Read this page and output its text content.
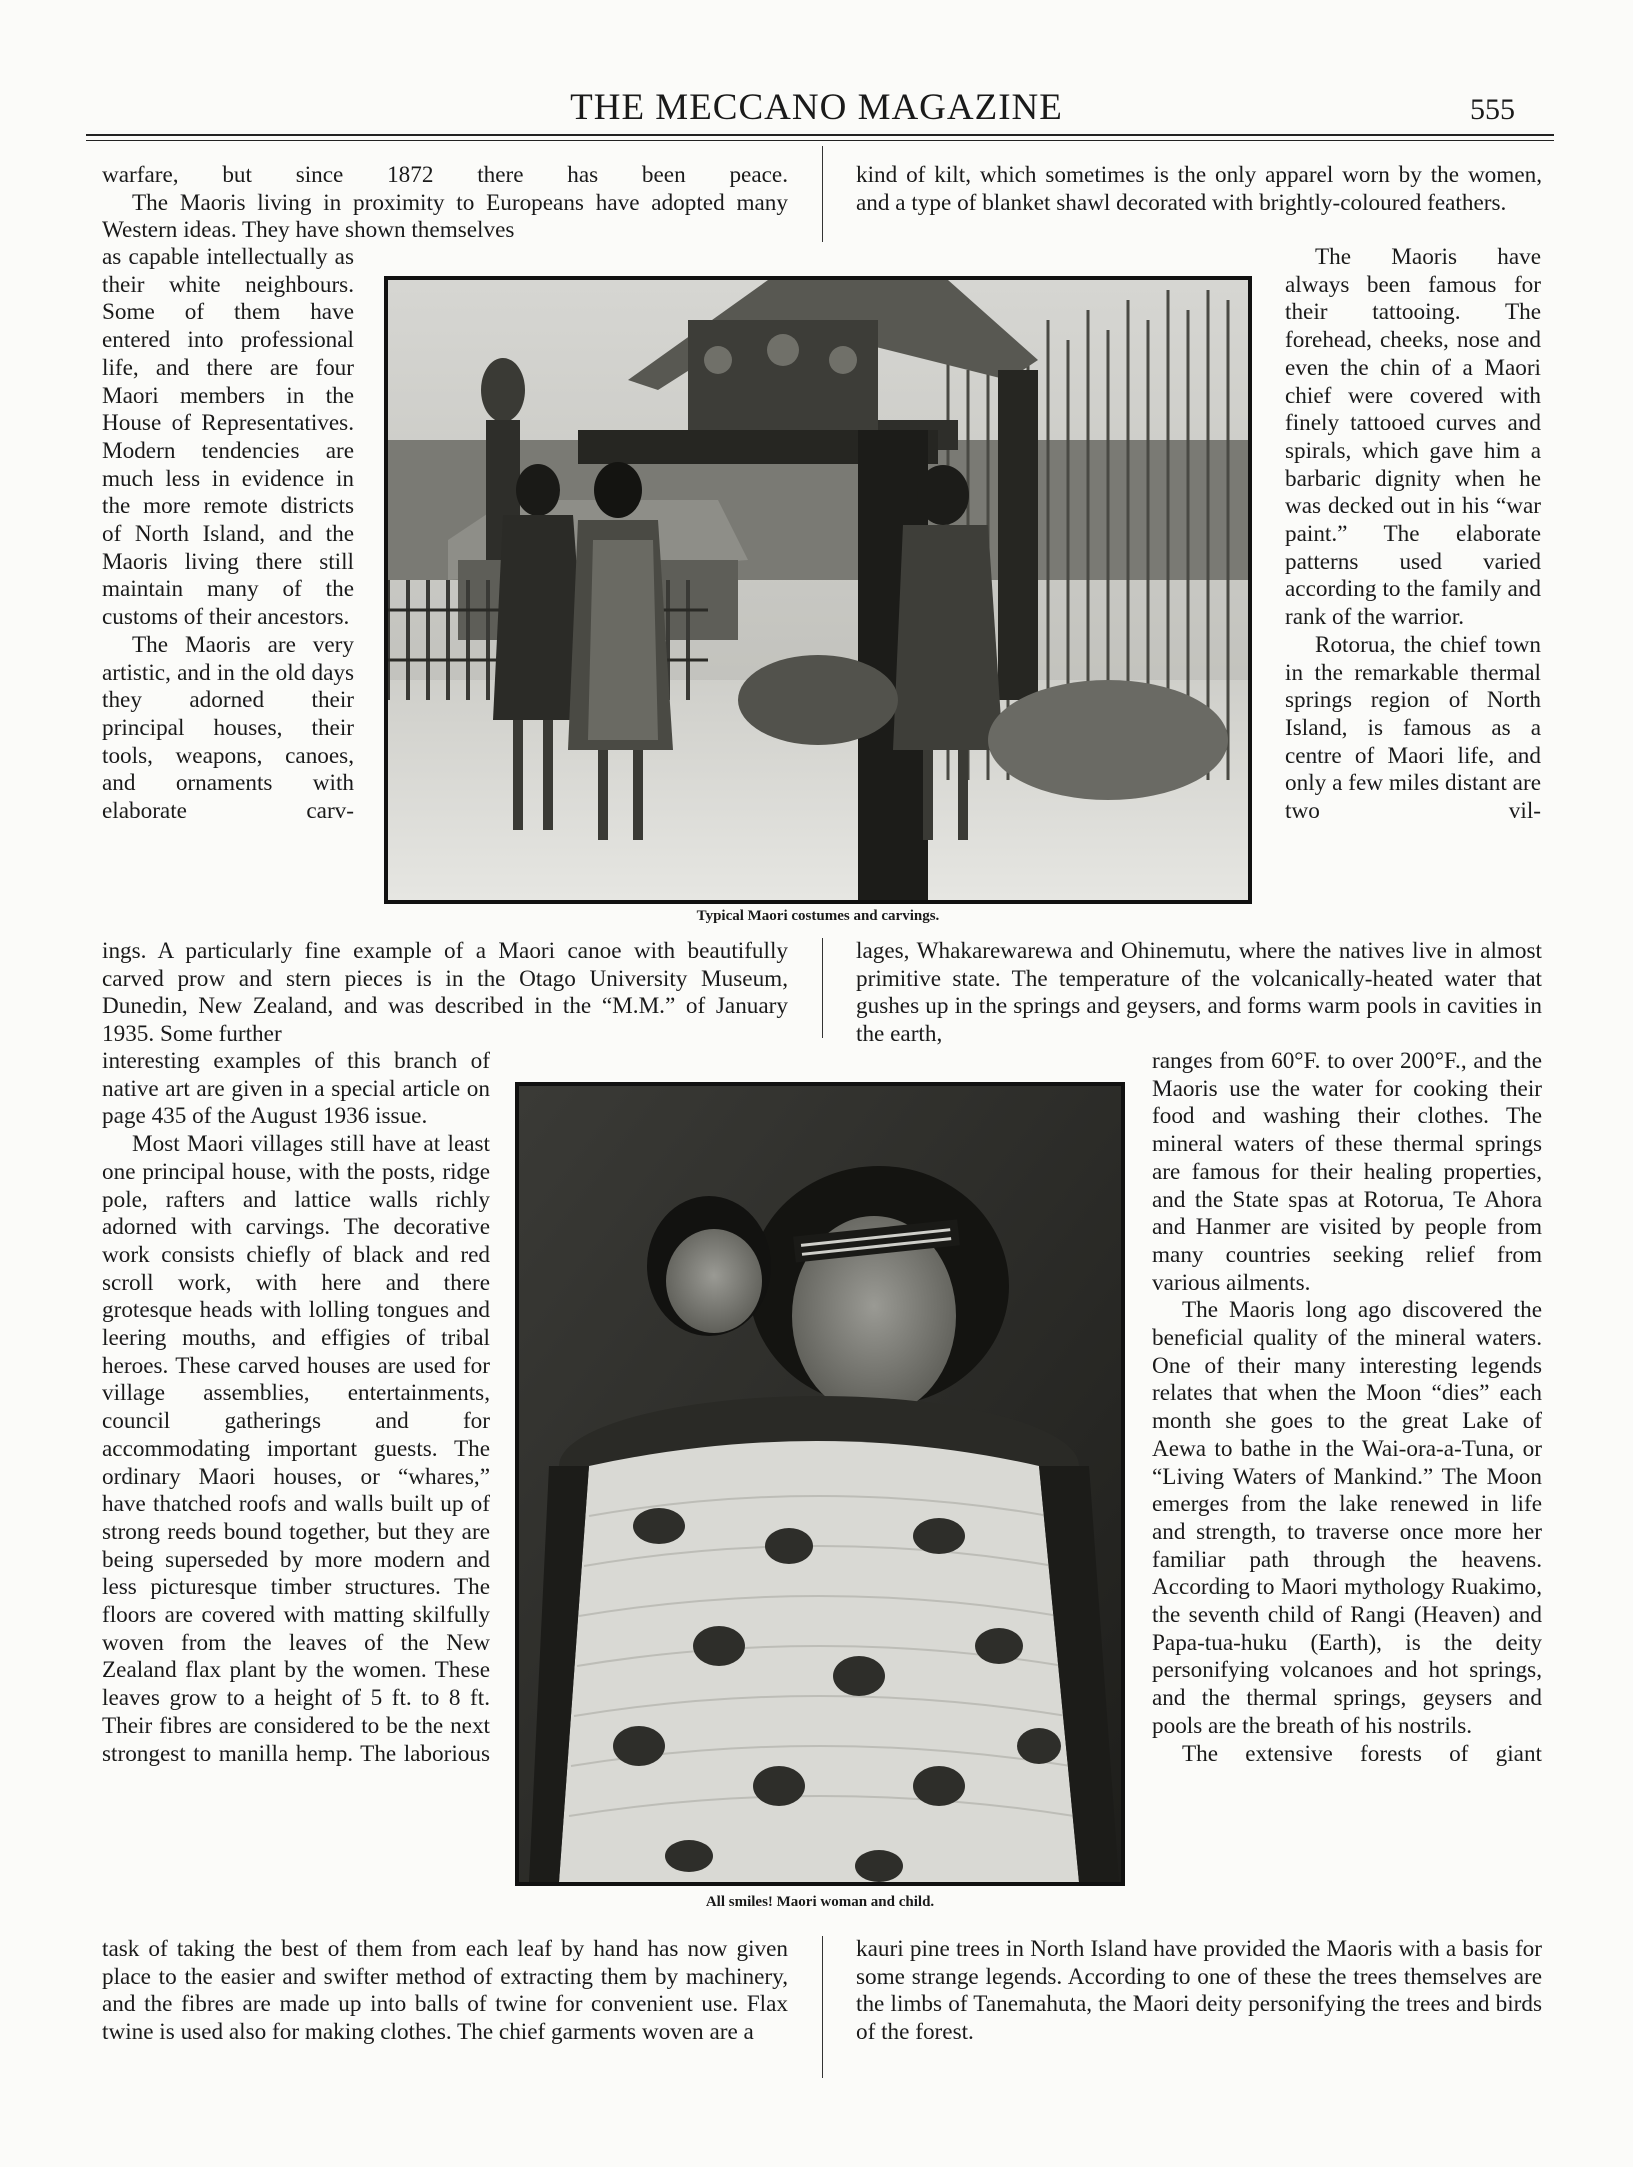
THE MECCANO MAGAZINE	555

warfare, but since 1872 there has been peace.

The Maoris living in proximity to Europeans have adopted many Western ideas. They have shown themselves

kind of kilt, which sometimes is the only apparel worn by the women, and a type of blanket shawl decorated with brightly-coloured feathers.

as capable intellectually as their white neighbours. Some of them have entered into professional life, and there are four Maori members in the House of Representatives. Modern tendencies are much less in evidence in the more remote districts of North Island, and the Maoris living there still maintain many of the customs of their ancestors.

The Maoris are very artistic, and in the old days they adorned their principal houses, their tools, weapons, canoes, and ornaments with elaborate carv-

The Maoris have always been famous for their tattooing. The forehead, cheeks, nose and even the chin of a Maori chief were covered with finely tattooed curves and spirals, which gave him a barbaric dignity when he was decked out in his “war paint.” The elaborate patterns used varied according to the family and rank of the warrior.

Rotorua, the chief town in the remarkable thermal springs region of North Island, is famous as a centre of Maori life, and only a few miles distant are two vil-

Typical Maori costumes and carvings.

ings. A particularly fine example of a Maori canoe with beautifully carved prow and stern pieces is in the Otago University Museum, Dunedin, New Zealand, and was described in the “M.M.” of January 1935. Some further

lages, Whakarewarewa and Ohinemutu, where the natives live in almost primitive state. The temperature of the volcanically-heated water that gushes up in the springs and geysers, and forms warm pools in cavities in the earth,

interesting examples of this branch of native art are given in a special article on page 435 of the August 1936 issue.

Most Maori villages still have at least one principal house, with the posts, ridge pole, rafters and lattice walls richly adorned with carvings. The decorative work consists chiefly of black and red scroll work, with here and there grotesque heads with lolling tongues and leering mouths, and effigies of tribal heroes. These carved houses are used for village assemblies, entertainments, council gatherings and for accommodating important guests. The ordinary Maori houses, or “whares,” have thatched roofs and walls built up of strong reeds bound together, but they are being superseded by more modern and less picturesque timber structures. The floors are covered with matting skilfully woven from the leaves of the New Zealand flax plant by the women. These leaves grow to a height of 5 ft. to 8 ft. Their fibres are considered to be the next strongest to manilla hemp. The laborious

ranges from 60°F. to over 200°F., and the Maoris use the water for cooking their food and washing their clothes. The mineral waters of these thermal springs are famous for their healing properties, and the State spas at Rotorua, Te Ahora and Hanmer are visited by people from many countries seeking relief from various ailments.

The Maoris long ago discovered the beneficial quality of the mineral waters. One of their many interesting legends relates that when the Moon “dies” each month she goes to the great Lake of Aewa to bathe in the Wai-ora-a-Tuna, or “Living Waters of Mankind.” The Moon emerges from the lake renewed in life and strength, to traverse once more her familiar path through the heavens. According to Maori mythology Ruakimo, the seventh child of Rangi (Heaven) and Papa-tua-huku (Earth), is the deity personifying volcanoes and hot springs, and the thermal springs, geysers and pools are the breath of his nostrils.

The extensive forests of giant

All smiles! Maori woman and child.

task of taking the best of them from each leaf by hand has now given place to the easier and swifter method of extracting them by machinery, and the fibres are made up into balls of twine for convenient use. Flax twine is used also for making clothes. The chief garments woven are a

kauri pine trees in North Island have provided the Maoris with a basis for some strange legends. According to one of these the trees themselves are the limbs of Tanemahuta, the Maori deity personifying the trees and birds of the forest.
